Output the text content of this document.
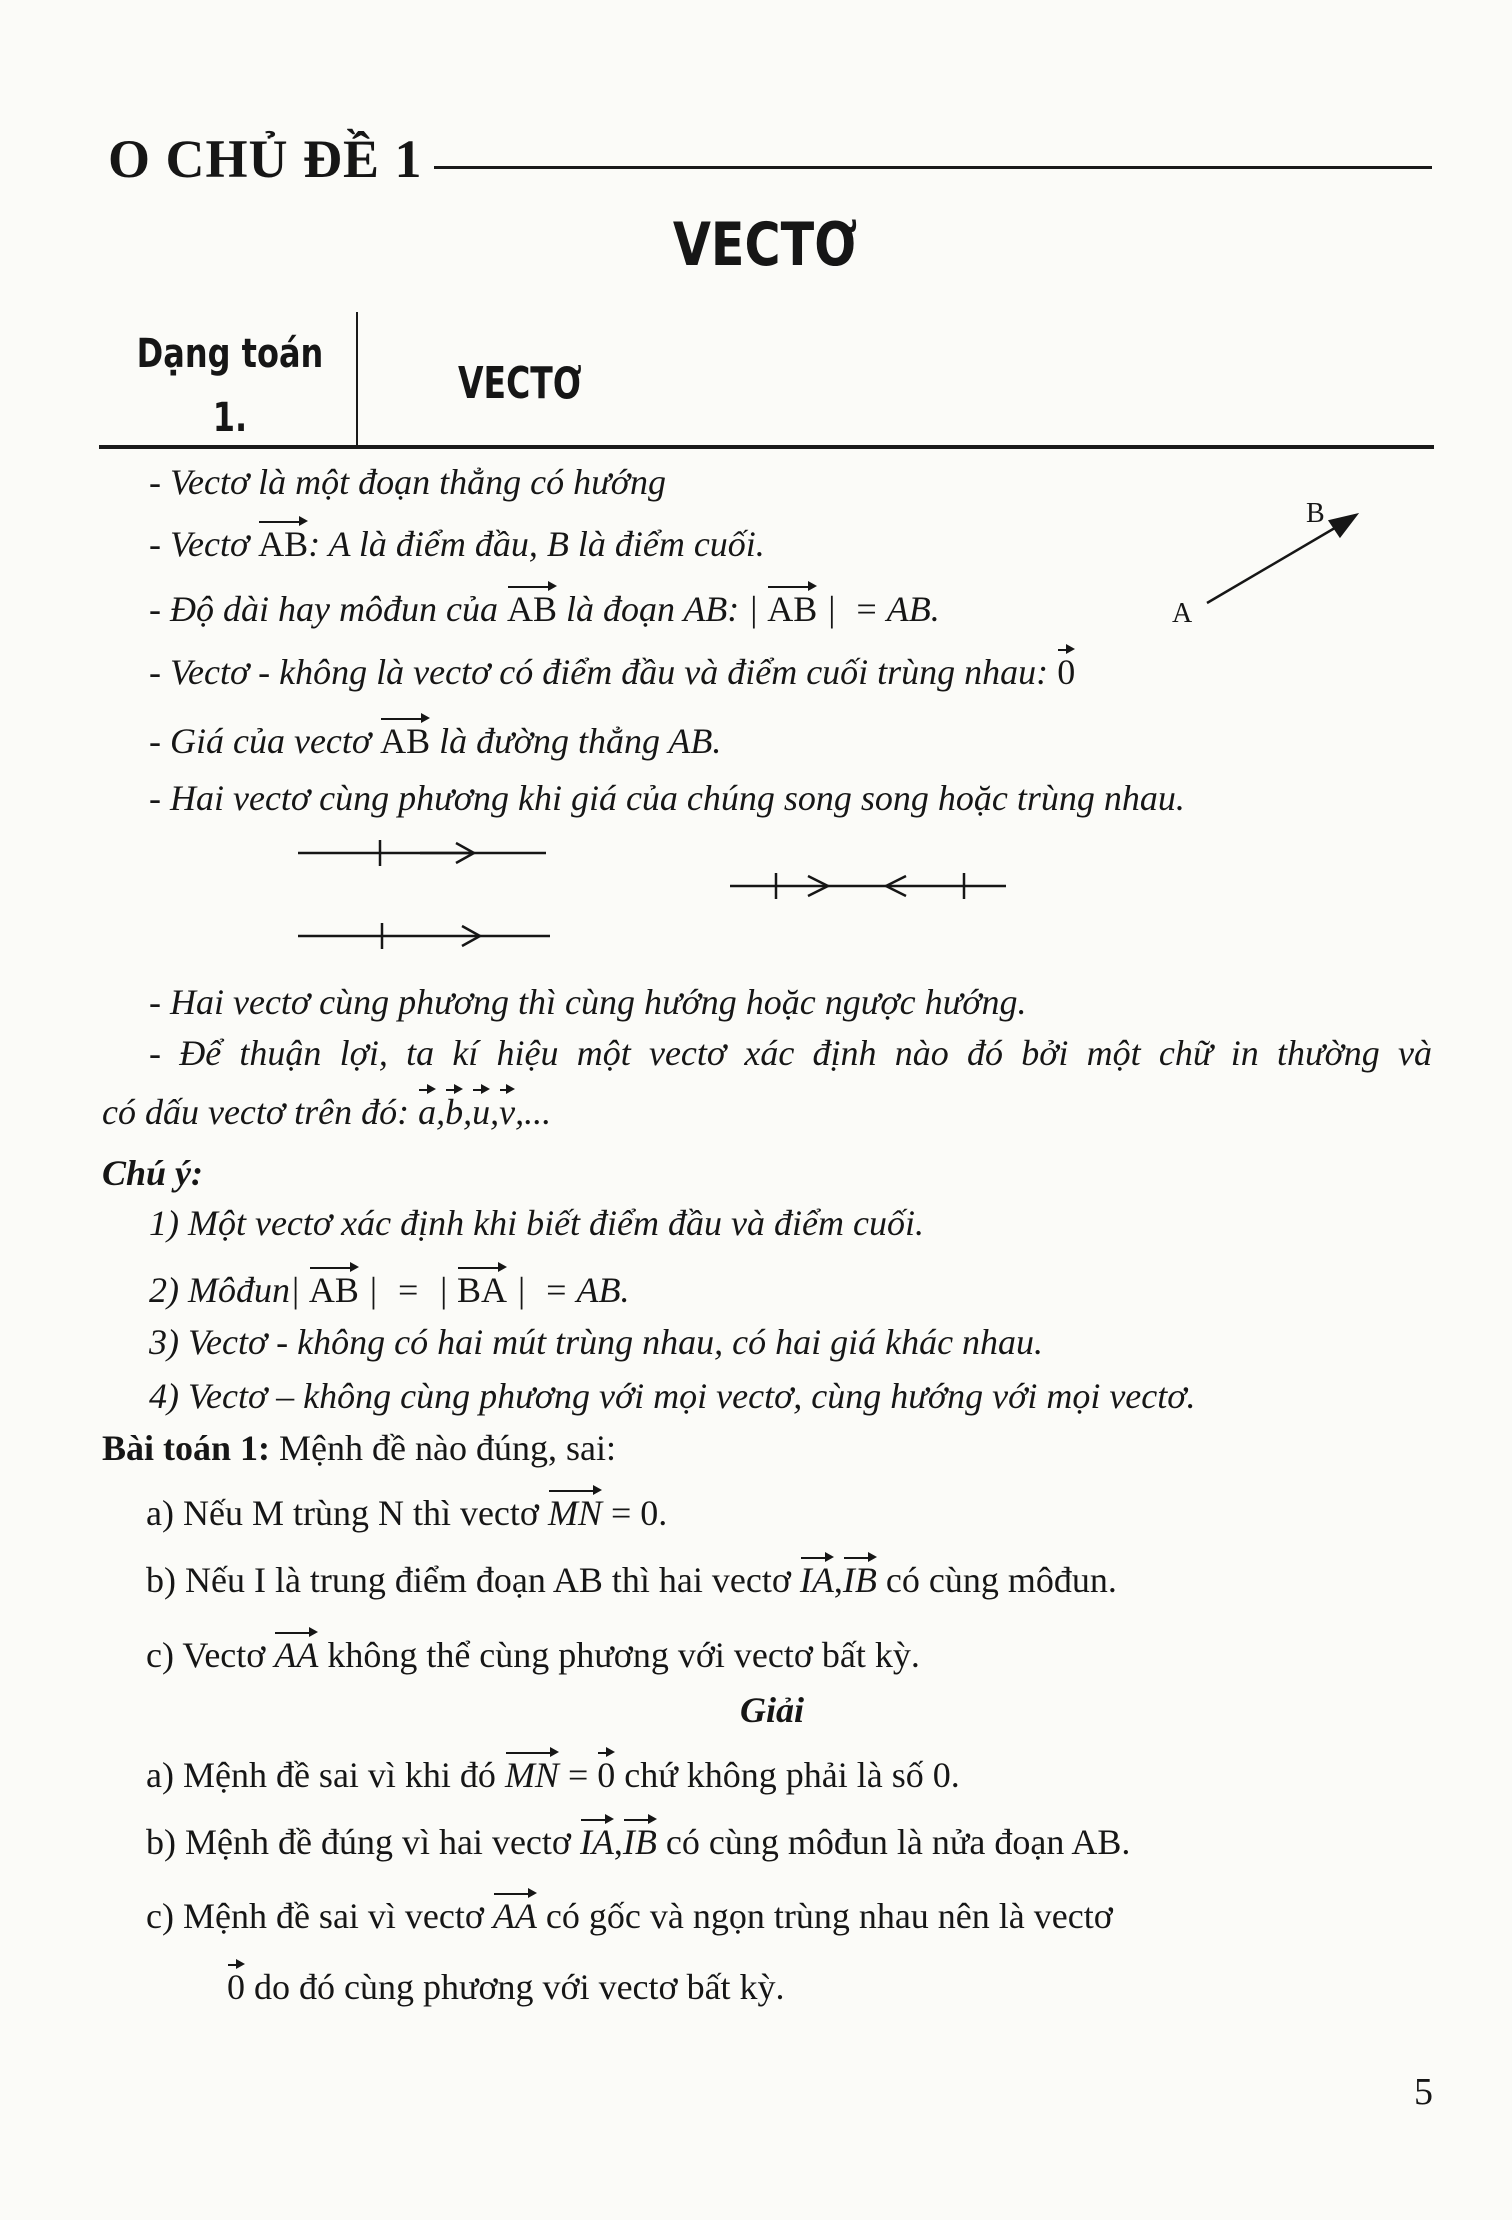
O CHỦ ĐỀ 1
VECTƠ
Dạng toán
1.
VECTƠ
A
B
- Vectơ là một đoạn thẳng có hướng
- Vectơ AB: A là điểm đầu, B là điểm cuối.
- Độ dài hay môđun của AB là đoạn AB: | AB |  = AB.
- Vectơ - không là vectơ có điểm đầu và điểm cuối trùng nhau: 0
- Giá của vectơ AB là đường thẳng AB.
- Hai vectơ cùng phương khi giá của chúng song song hoặc trùng nhau.
- Hai vectơ cùng phương thì cùng hướng hoặc ngược hướng.
- Để thuận lợi, ta kí hiệu một vectơ xác định nào đó bởi một chữ in thường và
có dấu vectơ trên đó: a,b,u,v,...
Chú ý:
1) Một vectơ xác định khi biết điểm đầu và điểm cuối.
2) Môđun| AB |  =  | BA |  = AB.
3) Vectơ - không có hai mút trùng nhau, có hai giá khác nhau.
4) Vectơ – không cùng phương với mọi vectơ, cùng hướng với mọi vectơ.
Bài toán 1: Mệnh đề nào đúng, sai:
a) Nếu M trùng N thì vectơ MN = 0.
b) Nếu I là trung điểm đoạn AB thì hai vectơ IA,IB có cùng môđun.
c) Vectơ AA không thể cùng phương với vectơ bất kỳ.
Giải
a) Mệnh đề sai vì khi đó MN = 0 chứ không phải là số 0.
b) Mệnh đề đúng vì hai vectơ IA,IB có cùng môđun là nửa đoạn AB.
c) Mệnh đề sai vì vectơ AA có gốc và ngọn trùng nhau nên là vectơ
0 do đó cùng phương với vectơ bất kỳ.
5
